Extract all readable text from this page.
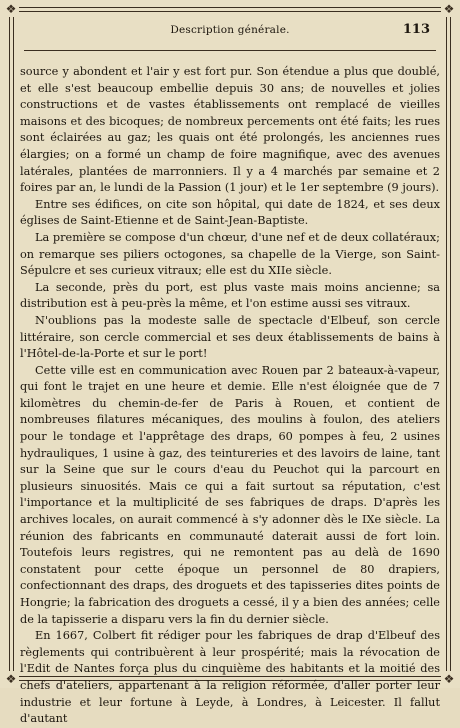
❖	❖
❖	❖
Description générale.	113

source y abondent et l'air y est fort pur. Son étendue a plus que doublé, et elle s'est beaucoup embellie depuis 30 ans; de nouvelles et jolies constructions et de vastes établissements ont remplacé de vieilles maisons et des bicoques; de nombreux percements ont été faits; les rues sont éclairées au gaz; les quais ont été prolongés, les anciennes rues élargies; on a formé un champ de foire magnifique, avec des avenues latérales, plantées de marronniers. Il y a 4 marchés par semaine et 2 foires par an, le lundi de la Passion (1 jour) et le 1er septembre (9 jours).

Entre ses édifices, on cite son hôpital, qui date de 1824, et ses deux églises de Saint-Etienne et de Saint-Jean-Baptiste.

La première se compose d'un chœur, d'une nef et de deux collatéraux; on remarque ses piliers octogones, sa chapelle de la Vierge, son Saint-Sépulcre et ses curieux vitraux; elle est du XIIe siècle.

La seconde, près du port, est plus vaste mais moins ancienne; sa distribution est à peu-près la même, et l'on estime aussi ses vitraux.

N'oublions pas la modeste salle de spectacle d'Elbeuf, son cercle littéraire, son cercle commercial et ses deux établissements de bains à l'Hôtel-de-la-Porte et sur le port!

Cette ville est en communication avec Rouen par 2 bateaux-à-vapeur, qui font le trajet en une heure et demie. Elle n'est éloignée que de 7 kilomètres du chemin-de-fer de Paris à Rouen, et contient de nombreuses filatures mécaniques, des moulins à foulon, des ateliers pour le tondage et l'apprêtage des draps, 60 pompes à feu, 2 usines hydrauliques, 1 usine à gaz, des teintureries et des lavoirs de laine, tant sur la Seine que sur le cours d'eau du Peuchot qui la parcourt en plusieurs sinuosités. Mais ce qui a fait surtout sa réputation, c'est l'importance et la multiplicité de ses fabriques de draps. D'après les archives locales, on aurait commencé à s'y adonner dès le IXe siècle. La réunion des fabricants en communauté daterait aussi de fort loin. Toutefois leurs registres, qui ne remontent pas au delà de 1690 constatent pour cette époque un personnel de 80 drapiers, confectionnant des draps, des droguets et des tapisseries dites points de Hongrie; la fabrication des droguets a cessé, il y a bien des années; celle de la tapisserie a disparu vers la fin du dernier siècle.

En 1667, Colbert fit rédiger pour les fabriques de drap d'Elbeuf des règlements qui contribuèrent à leur prospérité; mais la révocation de l'Edit de Nantes força plus du cinquième des habitants et la moitié des chefs d'ateliers, appartenant à la religion réformée, d'aller porter leur industrie et leur fortune à Leyde, à Londres, à Leicester. Il fallut d'autant
